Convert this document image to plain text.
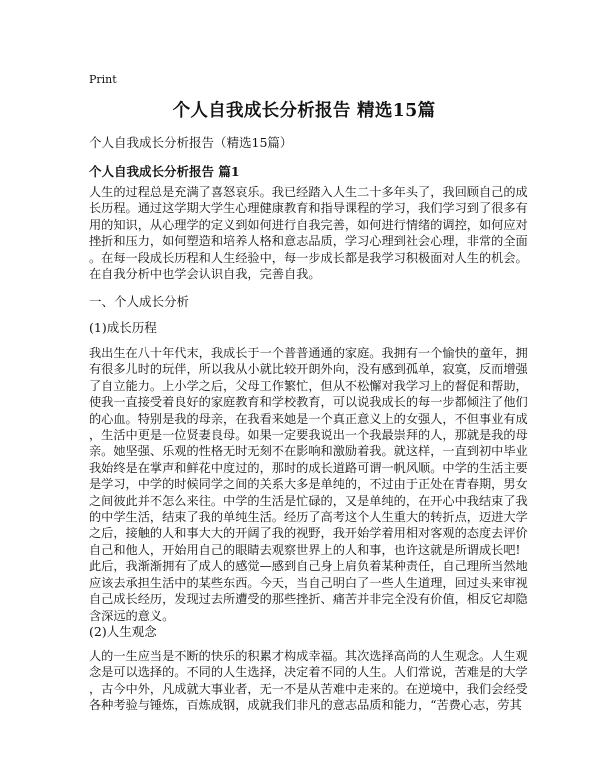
Print
个人自我成长分析报告 精选15篇
个人自我成长分析报告（精选15篇）
个人自我成长分析报告 篇1
人生的过程总是充满了喜怒哀乐。我已经踏入人生二十多年头了，我回顾自己的成
长历程。通过这学期大学生心理健康教育和指导课程的学习，我们学习到了很多有
用的知识，从心理学的定义到如何进行自我完善，如何进行情绪的调控，如何应对
挫折和压力，如何塑造和培养人格和意志品质，学习心理到社会心理，非常的全面
。在每一段成长历程和人生经验中，每一步成长都是我学习积极面对人生的机会。
在自我分析中也学会认识自我，完善自我。
一、个人成长分析
(1)成长历程
我出生在八十年代末，我成长于一个普普通通的家庭。我拥有一个愉快的童年，拥
有很多儿时的玩伴，所以我从小就比较开朗外向，没有感到孤单，寂寞，反而增强
了自立能力。上小学之后，父母工作繁忙，但从不松懈对我学习上的督促和帮助，
使我一直接受着良好的家庭教育和学校教育，可以说我成长的每一步都倾注了他们
的心血。特别是我的母亲，在我看来她是一个真正意义上的女强人，不但事业有成
，生活中更是一位贤妻良母。如果一定要我说出一个我最崇拜的人，那就是我的母
亲。她坚强、乐观的性格无时无刻不在影响和激励着我。就这样，一直到初中毕业
我始终是在掌声和鲜花中度过的，那时的成长道路可谓一帆风顺。中学的生活主要
是学习，中学的时候同学之间的关系大多是单纯的，不过由于正处在青春期，男女
之间彼此并不怎么来往。中学的生活是忙碌的，又是单纯的，在开心中我结束了我
的中学生活，结束了我的单纯生活。经历了高考这个人生重大的转折点，迈进大学
之后，接触的人和事大大的开阔了我的视野，我开始学着用相对客观的态度去评价
自己和他人，开始用自己的眼睛去观察世界上的人和事，也许这就是所谓成长吧!
此后，我渐渐拥有了成人的感觉—感到自己身上肩负着某种责任，自己理所当然地
应该去承担生活中的某些东西。今天，当自己明白了一些人生道理，回过头来审视
自己成长经历，发现过去所遭受的那些挫折、痛苦并非完全没有价值，相反它却隐
含深远的意义。
(2)人生观念
人的一生应当是不断的快乐的积累才构成幸福。其次选择高尚的人生观念。人生观
念是可以选择的。不同的人生选择，决定着不同的人生。人们常说，苦难是的大学
，古今中外，凡成就大事业者，无一不是从苦难中走来的。在逆境中，我们会经受
各种考验与锤炼，百炼成钢，成就我们非凡的意志品质和能力，“苦费心志，劳其
